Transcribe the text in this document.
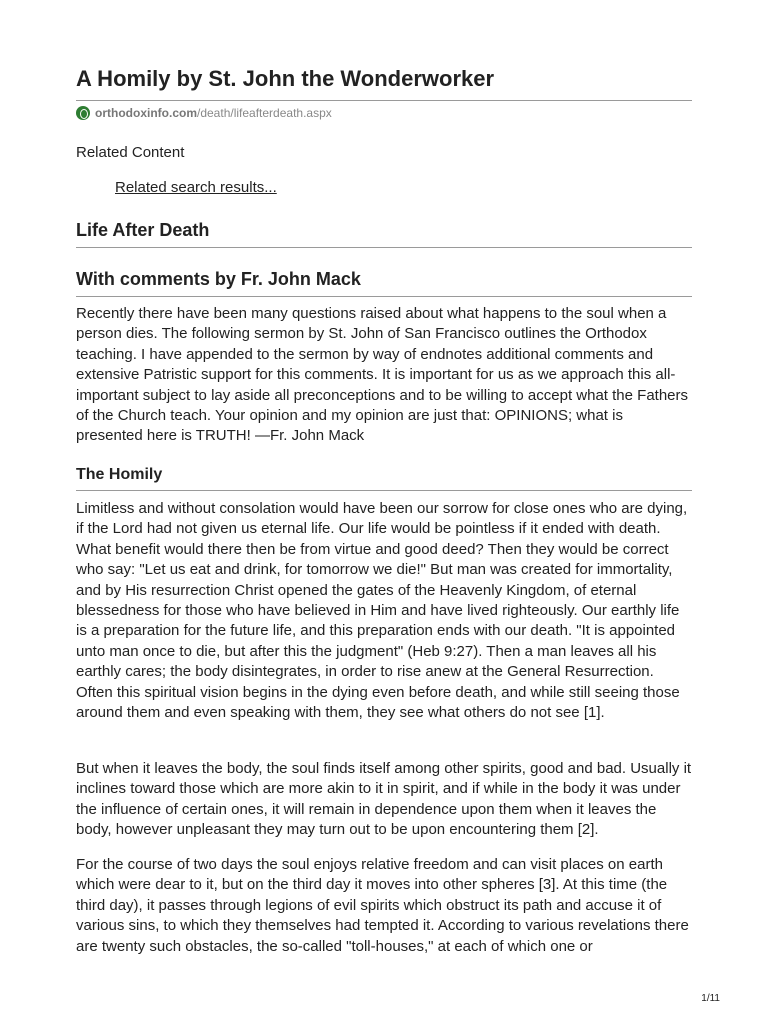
A Homily by St. John the Wonderworker
orthodoxinfo.com /death/lifeafterdeath.aspx
Related Content
Related search results...
Life After Death
With comments by Fr. John Mack

Recently there have been many questions raised about what happens to the soul when a person dies. The following sermon by St. John of San Francisco outlines the Orthodox teaching. I have appended to the sermon by way of endnotes additional comments and extensive Patristic support for this comments. It is important for us as we approach this all-important subject to lay aside all preconceptions and to be willing to accept what the Fathers of the Church teach. Your opinion and my opinion are just that: OPINIONS; what is presented here is TRUTH! —Fr. John Mack

The Homily

Limitless and without consolation would have been our sorrow for close ones who are dying, if the Lord had not given us eternal life. Our life would be pointless if it ended with death. What benefit would there then be from virtue and good deed? Then they would be correct who say: "Let us eat and drink, for tomorrow we die!" But man was created for immortality, and by His resurrection Christ opened the gates of the Heavenly Kingdom, of eternal blessedness for those who have believed in Him and have lived righteously. Our earthly life is a preparation for the future life, and this preparation ends with our death. "It is appointed unto man once to die, but after this the judgment" (Heb 9:27). Then a man leaves all his earthly cares; the body disintegrates, in order to rise anew at the General Resurrection. Often this spiritual vision begins in the dying even before death, and while still seeing those around them and even speaking with them, they see what others do not see [1].

But when it leaves the body, the soul finds itself among other spirits, good and bad. Usually it inclines toward those which are more akin to it in spirit, and if while in the body it was under the influence of certain ones, it will remain in dependence upon them when it leaves the body, however unpleasant they may turn out to be upon encountering them [2].

For the course of two days the soul enjoys relative freedom and can visit places on earth which were dear to it, but on the third day it moves into other spheres [3]. At this time (the third day), it passes through legions of evil spirits which obstruct its path and accuse it of various sins, to which they themselves had tempted it. According to various revelations there are twenty such obstacles, the so-called "toll-houses," at each of which one or

1/11
